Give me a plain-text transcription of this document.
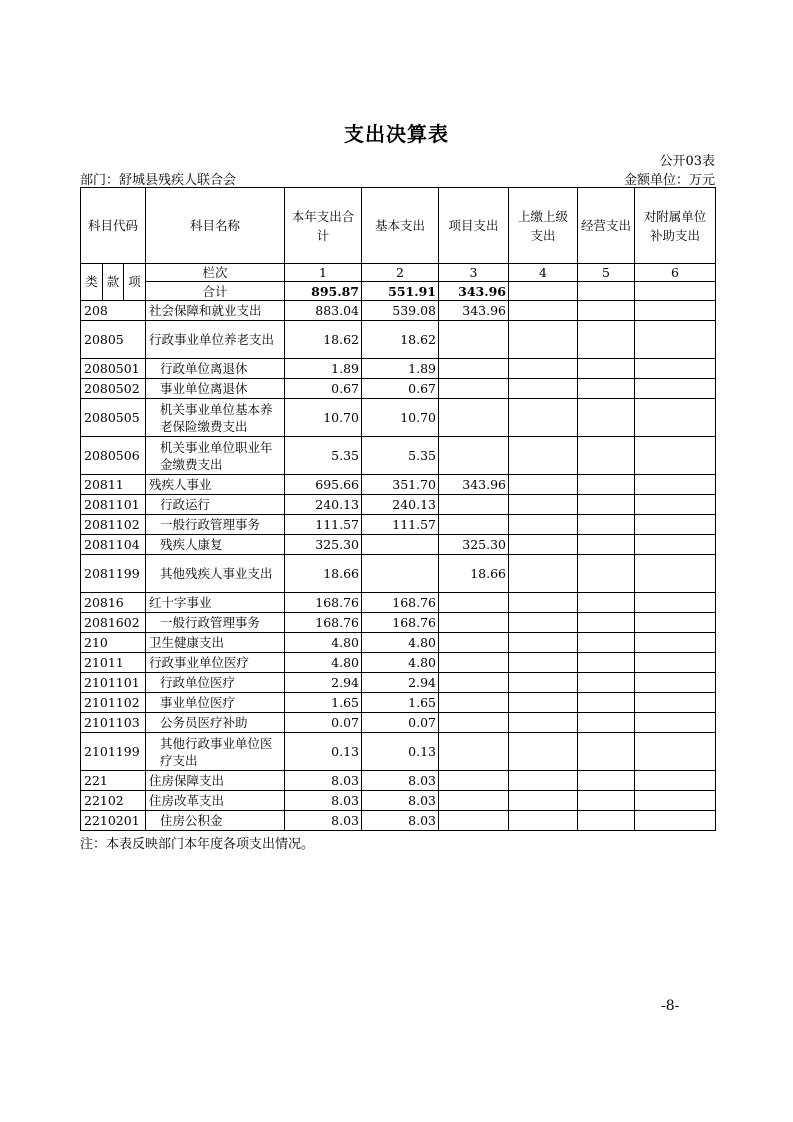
支出决算表
公开03表
部门：舒城县残疾人联合会	金额单位：万元
科目代码			科目名称	本年支出合计	基本支出	项目支出	上缴上级支出	经营支出	对附属单位补助支出
类	款	项	栏次	1	2	3	4	5	6
			合计	895.87	551.91	343.96			
208			社会保障和就业支出	883.04	539.08	343.96			
20805			行政事业单位养老支出	18.62	18.62				
2080501			行政单位离退休	1.89	1.89				
2080502			事业单位离退休	0.67	0.67				
2080505			机关事业单位基本养老保险缴费支出	10.70	10.70				
2080506			机关事业单位职业年金缴费支出	5.35	5.35				
20811			残疾人事业	695.66	351.70	343.96			
2081101			行政运行	240.13	240.13				
2081102			一般行政管理事务	111.57	111.57				
2081104			残疾人康复	325.30		325.30			
2081199			其他残疾人事业支出	18.66		18.66			
20816			红十字事业	168.76	168.76				
2081602			一般行政管理事务	168.76	168.76				
210			卫生健康支出	4.80	4.80				
21011			行政事业单位医疗	4.80	4.80				
2101101			行政单位医疗	2.94	2.94				
2101102			事业单位医疗	1.65	1.65				
2101103			公务员医疗补助	0.07	0.07				
2101199			其他行政事业单位医疗支出	0.13	0.13				
221			住房保障支出	8.03	8.03				
22102			住房改革支出	8.03	8.03				
2210201			住房公积金	8.03	8.03				
注：本表反映部门本年度各项支出情况。
-8-
